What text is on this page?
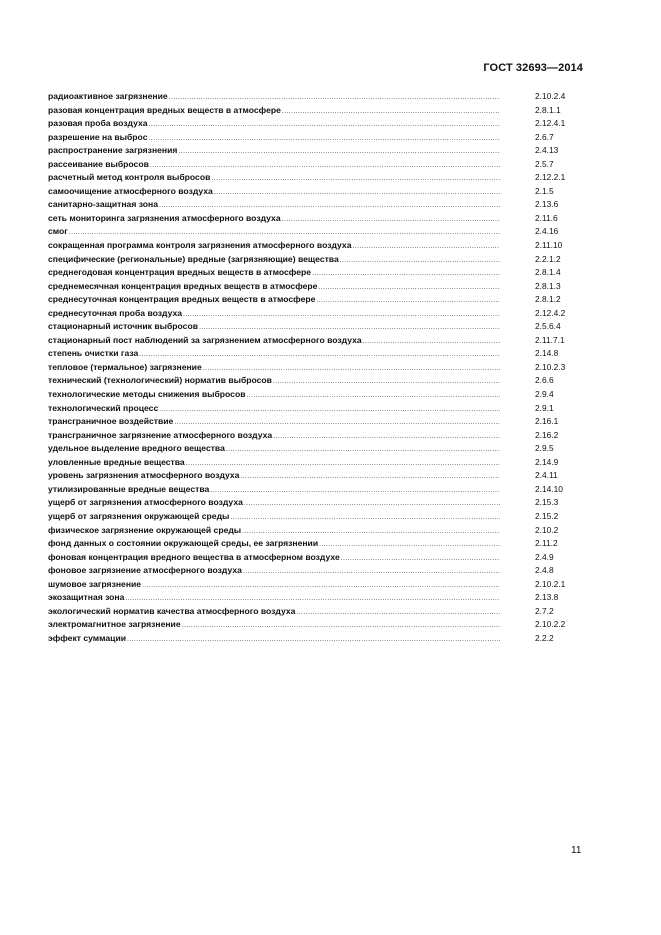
ГОСТ 32693—2014
радиоактивное загрязнение .....	2.10.2.4
разовая концентрация вредных веществ в атмосфере .....	2.8.1.1
разовая проба воздуха .....	2.12.4.1
разрешение на выброс .....	2.6.7
распространение загрязнения .....	2.4.13
рассеивание выбросов .....	2.5.7
расчетный метод контроля выбросов .....	2.12.2.1
самоочищение атмосферного воздуха .....	2.1.5
санитарно-защитная зона .....	2.13.6
сеть мониторинга загрязнения атмосферного воздуха .....	2.11.6
смог .....	2.4.16
сокращенная программа контроля загрязнения атмосферного воздуха .....	2.11.10
специфические (региональные) вредные (загрязняющие) вещества .....	2.2.1.2
среднегодовая концентрация вредных веществ в атмосфере .....	2.8.1.4
среднемесячная концентрация вредных веществ в атмосфере .....	2.8.1.3
среднесуточная концентрация вредных веществ в атмосфере .....	2.8.1.2
среднесуточная проба воздуха .....	2.12.4.2
стационарный источник выбросов .....	2.5.6.4
стационарный пост наблюдений за загрязнением атмосферного воздуха .....	2.11.7.1
степень очистки газа .....	2.14.8
тепловое (термальное) загрязнение .....	2.10.2.3
технический (технологический) норматив выбросов .....	2.6.6
технологические методы снижения выбросов .....	2.9.4
технологический процесс .....	2.9.1
трансграничное воздействие .....	2.16.1
трансграничное загрязнение атмосферного воздуха .....	2.16.2
удельное выделение вредного вещества .....	2.9.5
уловленные вредные вещества .....	2.14.9
уровень загрязнения атмосферного воздуха .....	2.4.11
утилизированные вредные вещества .....	2.14.10
ущерб от загрязнения атмосферного воздуха .....	2.15.3
ущерб от загрязнения окружающей среды .....	2.15.2
физическое загрязнение окружающей среды .....	2.10.2
фонд данных о состоянии окружающей среды, ее загрязнении .....	2.11.2
фоновая концентрация вредного вещества в атмосферном воздухе .....	2.4.9
фоновое загрязнение атмосферного воздуха .....	2.4.8
шумовое загрязнение .....	2.10.2.1
экозащитная зона .....	2.13.8
экологический норматив качества атмосферного воздуха .....	2.7.2
электромагнитное загрязнение .....	2.10.2.2
эффект суммации .....	2.2.2
11
